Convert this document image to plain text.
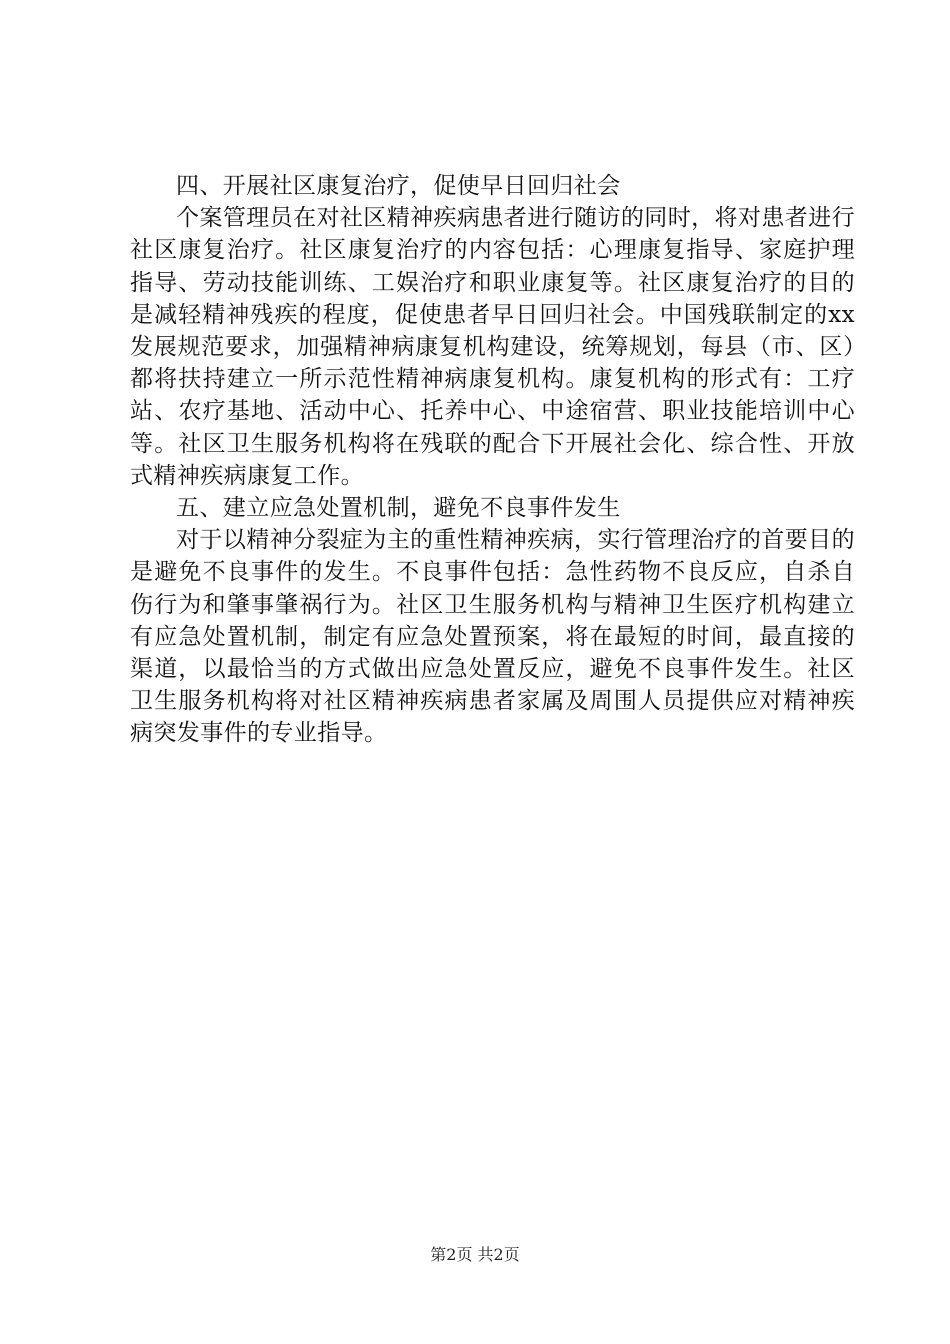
四、开展社区康复治疗，促使早日回归社会

个案管理员在对社区精神疾病患者进行随访的同时，将对患者进行社区康复治疗。社区康复治疗的内容包括：心理康复指导、家庭护理指导、劳动技能训练、工娱治疗和职业康复等。社区康复治疗的目的是减轻精神残疾的程度，促使患者早日回归社会。中国残联制定的xx发展规范要求，加强精神病康复机构建设，统筹规划，每县（市、区）都将扶持建立一所示范性精神病康复机构。康复机构的形式有：工疗站、农疗基地、活动中心、托养中心、中途宿营、职业技能培训中心等。社区卫生服务机构将在残联的配合下开展社会化、综合性、开放式精神疾病康复工作。

五、建立应急处置机制，避免不良事件发生

对于以精神分裂症为主的重性精神疾病，实行管理治疗的首要目的是避免不良事件的发生。不良事件包括：急性药物不良反应，自杀自伤行为和肇事肇祸行为。社区卫生服务机构与精神卫生医疗机构建立有应急处置机制，制定有应急处置预案，将在最短的时间，最直接的渠道，以最恰当的方式做出应急处置反应，避免不良事件发生。社区卫生服务机构将对社区精神疾病患者家属及周围人员提供应对精神疾病突发事件的专业指导。

第2页 共2页
